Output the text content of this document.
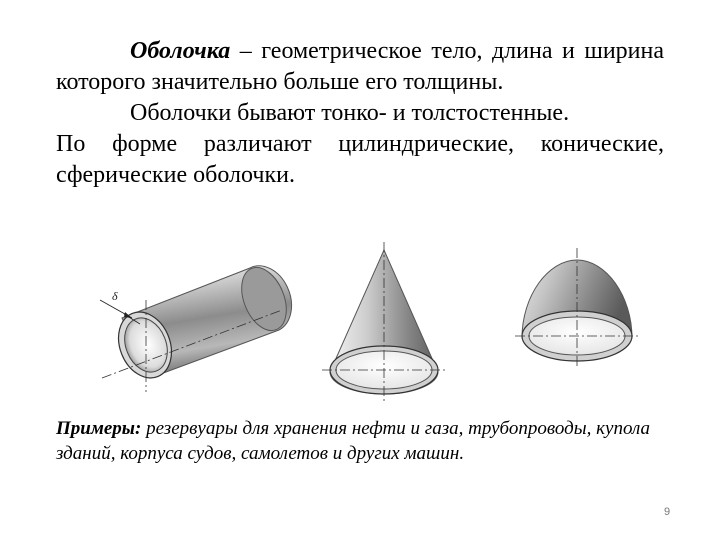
Оболочка – геометрическое тело, длина и ширина которого значительно больше его толщины.

Оболочки бывают тонко- и толстостенные.

По форме различают цилиндрические, конические, сферические оболочки.

δ
Примеры: резервуары для хранения нефти и газа, трубопроводы, купола зданий, корпуса судов, самолетов и других машин.
9
